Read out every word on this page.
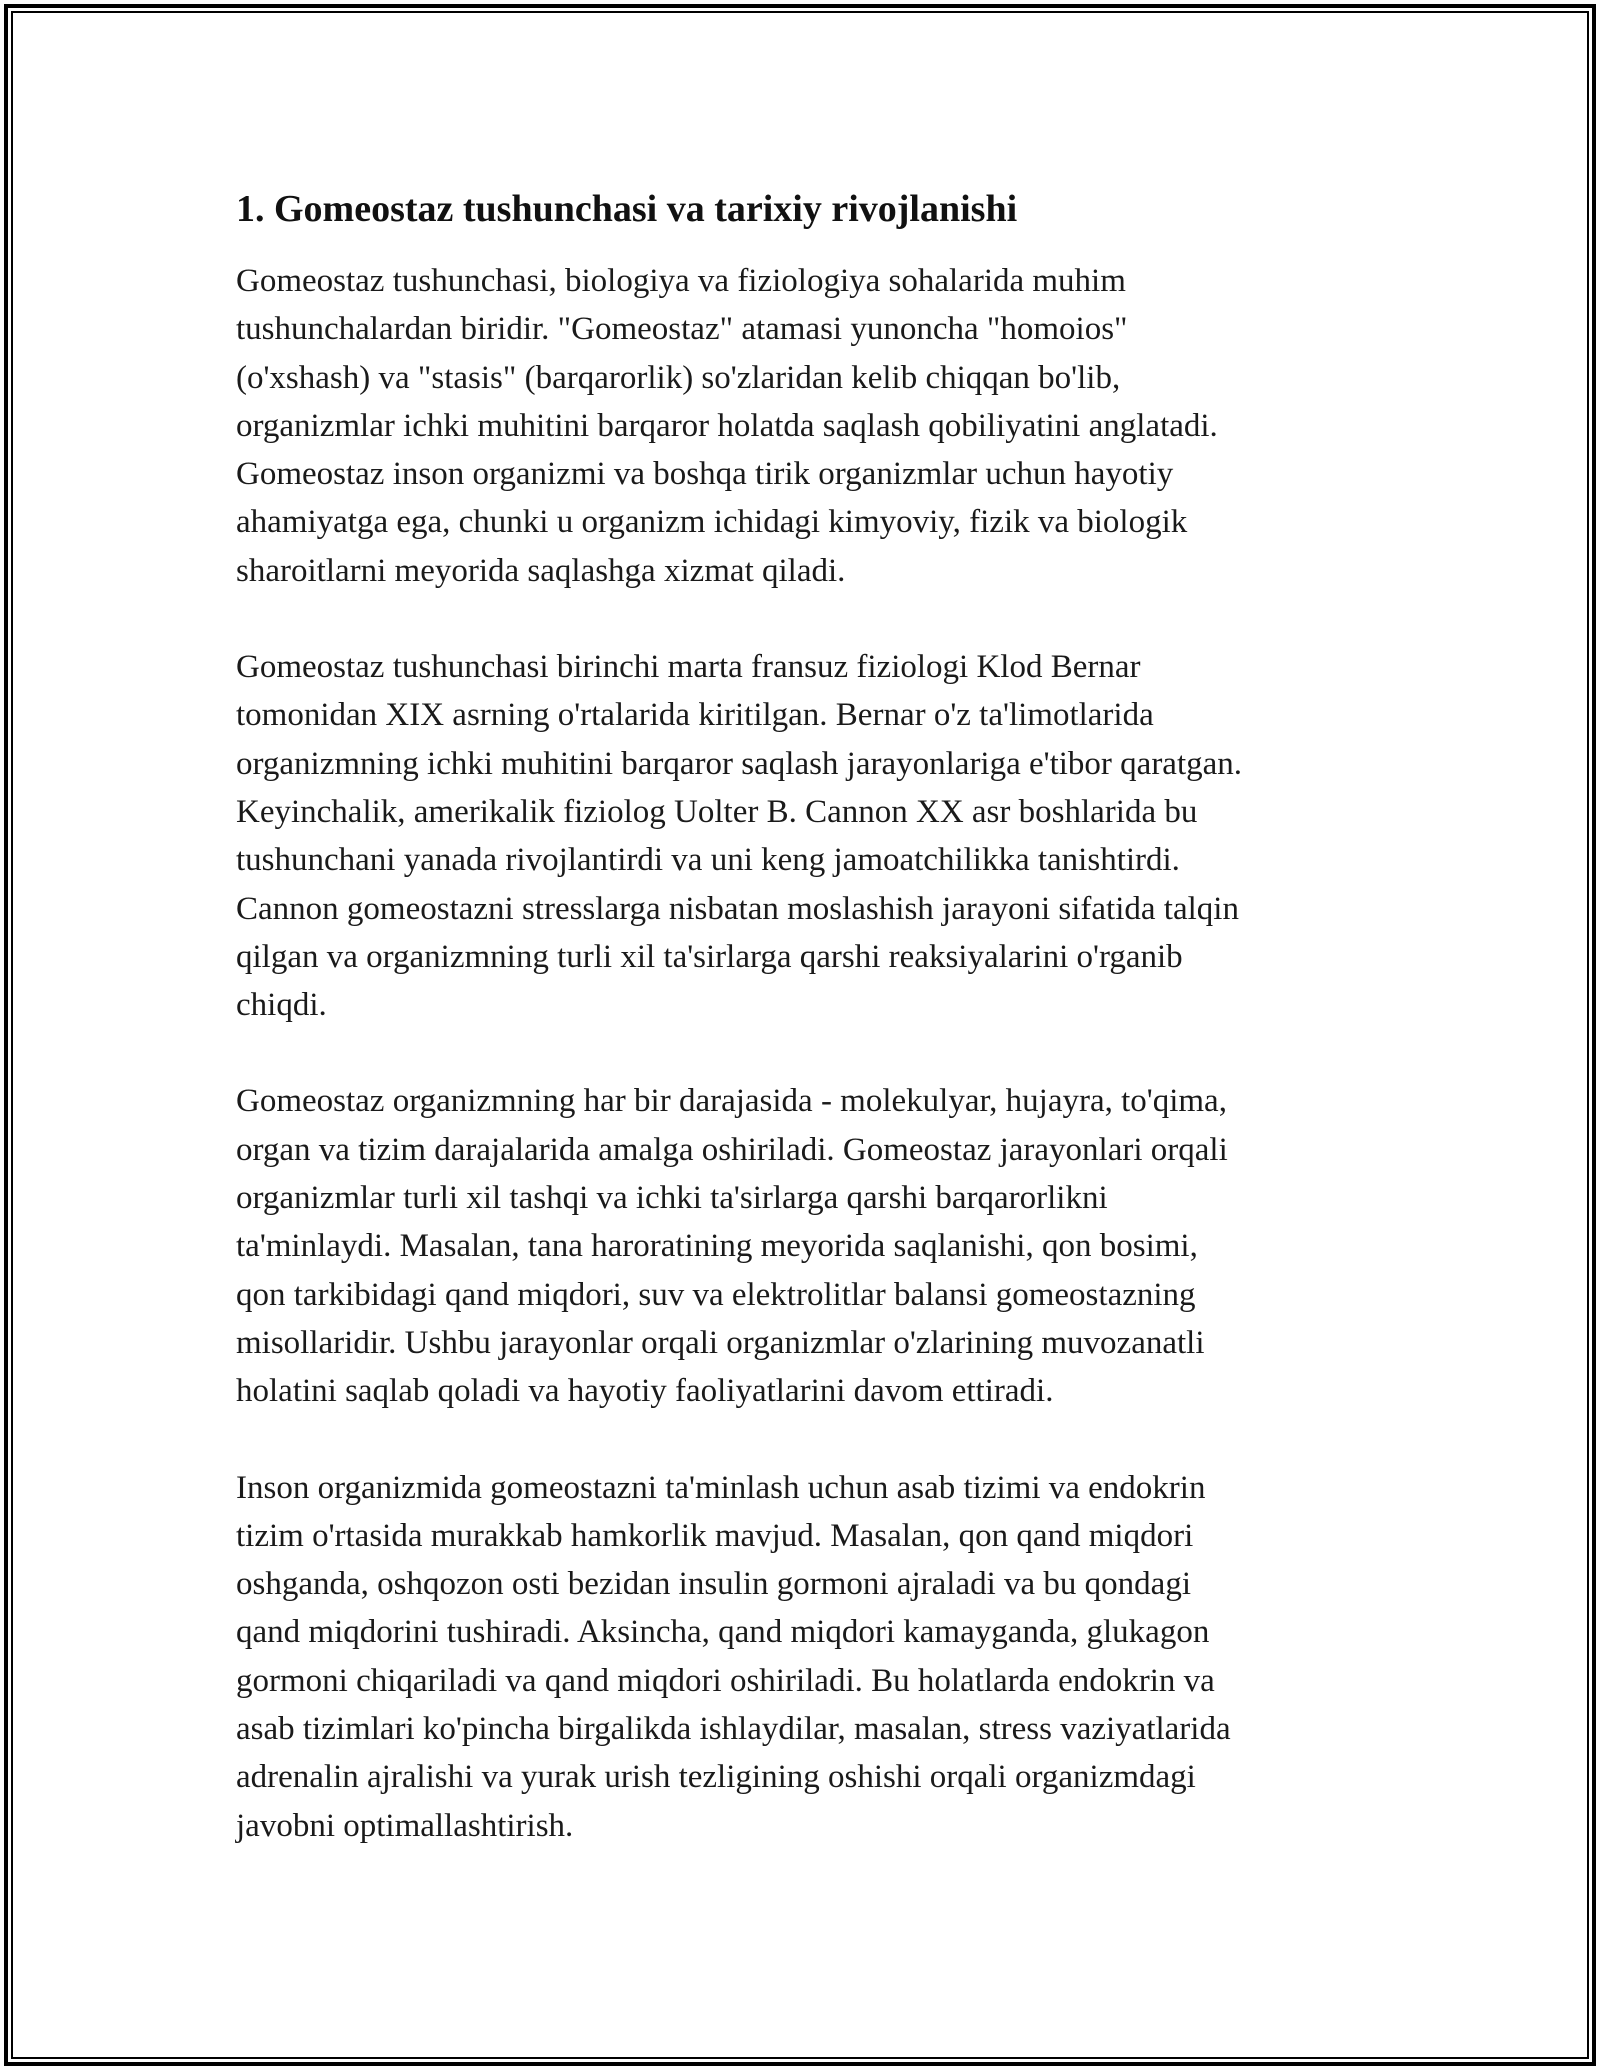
1. Gomeostaz tushunchasi va tarixiy rivojlanishi
Gomeostaz tushunchasi, biologiya va fiziologiya sohalarida muhim
tushunchalardan biridir. "Gomeostaz" atamasi yunoncha "homoios"
(o'xshash) va "stasis" (barqarorlik) so'zlaridan kelib chiqqan bo'lib,
organizmlar ichki muhitini barqaror holatda saqlash qobiliyatini anglatadi.
Gomeostaz inson organizmi va boshqa tirik organizmlar uchun hayotiy
ahamiyatga ega, chunki u organizm ichidagi kimyoviy, fizik va biologik
sharoitlarni meyorida saqlashga xizmat qiladi.
Gomeostaz tushunchasi birinchi marta fransuz fiziologi Klod Bernar
tomonidan XIX asrning o'rtalarida kiritilgan. Bernar o'z ta'limotlarida
organizmning ichki muhitini barqaror saqlash jarayonlariga e'tibor qaratgan.
Keyinchalik, amerikalik fiziolog Uolter B. Cannon XX asr boshlarida bu
tushunchani yanada rivojlantirdi va uni keng jamoatchilikka tanishtirdi.
Cannon gomeostazni stresslarga nisbatan moslashish jarayoni sifatida talqin
qilgan va organizmning turli xil ta'sirlarga qarshi reaksiyalarini o'rganib
chiqdi.
Gomeostaz organizmning har bir darajasida - molekulyar, hujayra, to'qima,
organ va tizim darajalarida amalga oshiriladi. Gomeostaz jarayonlari orqali
organizmlar turli xil tashqi va ichki ta'sirlarga qarshi barqarorlikni
ta'minlaydi. Masalan, tana haroratining meyorida saqlanishi, qon bosimi,
qon tarkibidagi qand miqdori, suv va elektrolitlar balansi gomeostazning
misollaridir. Ushbu jarayonlar orqali organizmlar o'zlarining muvozanatli
holatini saqlab qoladi va hayotiy faoliyatlarini davom ettiradi.
Inson organizmida gomeostazni ta'minlash uchun asab tizimi va endokrin
tizim o'rtasida murakkab hamkorlik mavjud. Masalan, qon qand miqdori
oshganda, oshqozon osti bezidan insulin gormoni ajraladi va bu qondagi
qand miqdorini tushiradi. Aksincha, qand miqdori kamayganda, glukagon
gormoni chiqariladi va qand miqdori oshiriladi. Bu holatlarda endokrin va
asab tizimlari ko'pincha birgalikda ishlaydilar, masalan, stress vaziyatlarida
adrenalin ajralishi va yurak urish tezligining oshishi orqali organizmdagi
javobni optimallashtirish.
